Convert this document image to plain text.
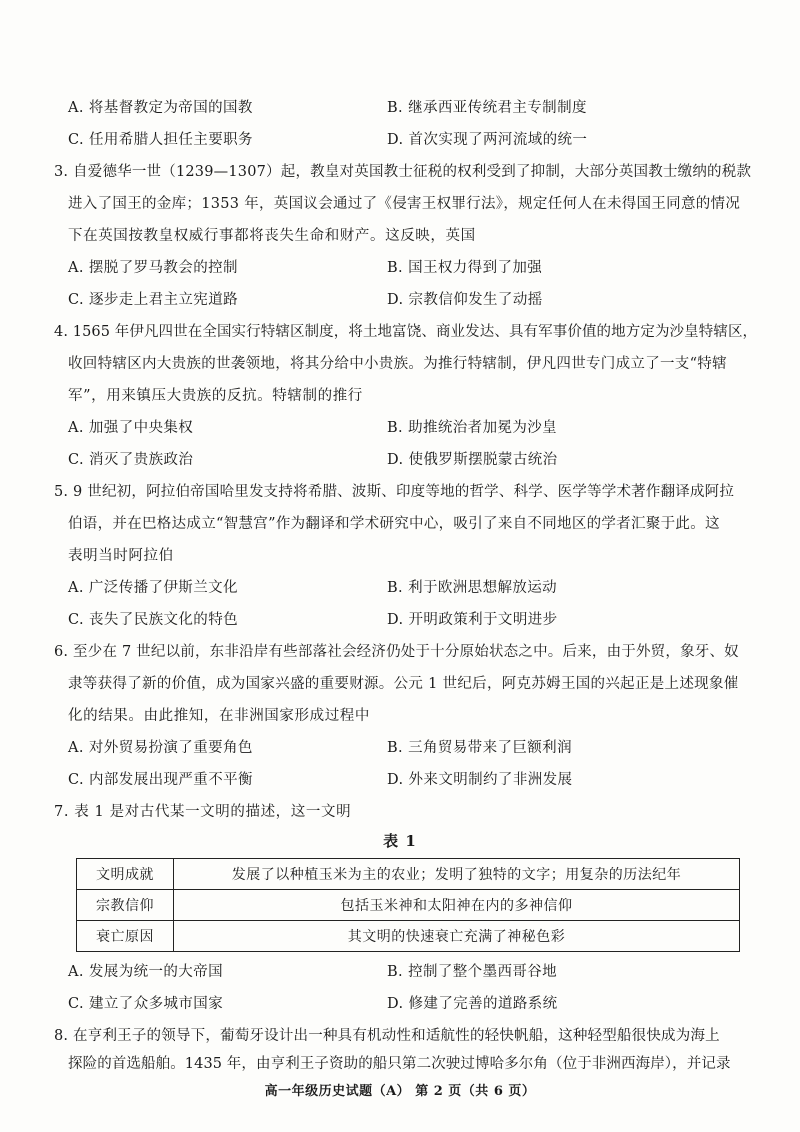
A. 将基督教定为帝国的国教	B. 继承西亚传统君主专制制度
C. 任用希腊人担任主要职务	D. 首次实现了两河流域的统一
3. 自爱德华一世（1239—1307）起，教皇对英国教士征税的权利受到了抑制，大部分英国教士缴纳的税款
进入了国王的金库；1353 年，英国议会通过了《侵害王权罪行法》，规定任何人在未得国王同意的情况
下在英国按教皇权威行事都将丧失生命和财产。这反映，英国
A. 摆脱了罗马教会的控制	B. 国王权力得到了加强
C. 逐步走上君主立宪道路	D. 宗教信仰发生了动摇
4. 1565 年伊凡四世在全国实行特辖区制度，将土地富饶、商业发达、具有军事价值的地方定为沙皇特辖区，
收回特辖区内大贵族的世袭领地，将其分给中小贵族。为推行特辖制，伊凡四世专门成立了一支“特辖
军”，用来镇压大贵族的反抗。特辖制的推行
A. 加强了中央集权	B. 助推统治者加冕为沙皇
C. 消灭了贵族政治	D. 使俄罗斯摆脱蒙古统治
5. 9 世纪初，阿拉伯帝国哈里发支持将希腊、波斯、印度等地的哲学、科学、医学等学术著作翻译成阿拉
伯语，并在巴格达成立“智慧宫”作为翻译和学术研究中心，吸引了来自不同地区的学者汇聚于此。这
表明当时阿拉伯
A. 广泛传播了伊斯兰文化	B. 利于欧洲思想解放运动
C. 丧失了民族文化的特色	D. 开明政策利于文明进步
6. 至少在 7 世纪以前，东非沿岸有些部落社会经济仍处于十分原始状态之中。后来，由于外贸，象牙、奴
隶等获得了新的价值，成为国家兴盛的重要财源。公元 1 世纪后，阿克苏姆王国的兴起正是上述现象催
化的结果。由此推知，在非洲国家形成过程中
A. 对外贸易扮演了重要角色	B. 三角贸易带来了巨额利润
C. 内部发展出现严重不平衡	D. 外来文明制约了非洲发展
7. 表 1 是对古代某一文明的描述，这一文明
表 1
文明成就	发展了以种植玉米为主的农业；发明了独特的文字；用复杂的历法纪年
宗教信仰	包括玉米神和太阳神在内的多神信仰
衰亡原因	其文明的快速衰亡充满了神秘色彩
A. 发展为统一的大帝国	B. 控制了整个墨西哥谷地
C. 建立了众多城市国家	D. 修建了完善的道路系统
8. 在亨利王子的领导下，葡萄牙设计出一种具有机动性和适航性的轻快帆船，这种轻型船很快成为海上
探险的首选船舶。1435 年，由亨利王子资助的船只第二次驶过博哈多尔角（位于非洲西海岸），并记录
高一年级历史试题（A） 第 2 页（共 6 页）
